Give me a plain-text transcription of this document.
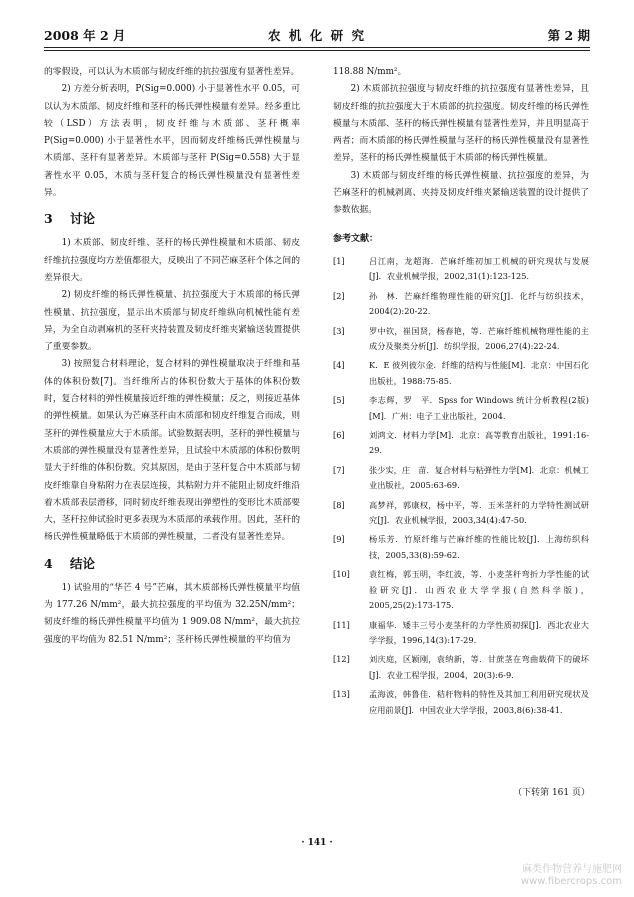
2008 年 2 月	农 机 化 研 究	第 2 期

的零假设，可以认为木质部与韧皮纤维的抗拉强度有显著性差异。

2) 方差分析表明，P(Sig=0.000) 小于显著性水平 0.05，可以认为木质部、韧皮纤维和茎秆的杨氏弹性模量有差异。经多重比较（LSD）方法表明，韧皮纤维与木质部、茎秆概率 P(Sig=0.000) 小于显著性水平，因而韧皮纤维杨氏弹性模量与木质部、茎秆有显著差异。木质部与茎秆 P(Sig=0.558) 大于显著性水平 0.05，木质与茎秆复合的杨氏弹性模量没有显著性差异。

3 讨论

1) 木质部、韧皮纤维、茎秆的杨氏弹性模量和木质部、韧皮纤维抗拉强度均方差值都很大，反映出了不同芒麻茎秆个体之间的差异很大。

2) 韧皮纤维的杨氏弹性模量、抗拉强度大于木质部的杨氏弹性模量、抗拉强度，显示出木质部与韧皮纤维纵向机械性能有差异，为全自动剥麻机的茎秆夹持装置及韧皮纤维夹紧输送装置提供了重要参数。

3) 按照复合材料理论，复合材料的弹性模量取决于纤维和基体的体积份数[7]。当纤维所占的体积份数大于基体的体积份数时，复合材料的弹性模量接近纤维的弹性模量；反之，则接近基体的弹性模量。如果认为芒麻茎秆由木质部和韧皮纤维复合而成，则茎秆的弹性模量应大于木质部。试验数据表明，茎秆的弹性模量与木质部的弹性模量没有显著性差异，且试验中木质部的体积份数明显大于纤维的体积份数。究其原因，是由于茎秆复合中木质部与韧皮纤维靠自身粘附力在表层连接，其粘附力并不能阻止韧皮纤维沿着木质部表层滑移，同时韧皮纤维表现出弹塑性的变形比木质部要大，茎秆拉伸试验时更多表现为木质部的承载作用。因此，茎秆的杨氏弹性模量略低于木质部的弹性模量，二者没有显著性差异。

4 结论

1) 试验用的“华芒 4 号”芒麻，其木质部杨氏弹性模量平均值为 177.26 N/mm²，最大抗拉强度的平均值为 32.25N/mm²；韧皮纤维的杨氏弹性模量平均值为 1 909.08 N/mm²，最大抗拉强度的平均值为 82.51 N/mm²；茎秆杨氏弹性模量的平均值为

118.88 N/mm²。

2) 木质部抗拉强度与韧皮纤维的抗拉强度有显著性差异，且韧皮纤维的抗拉强度大于木质部的抗拉强度。韧皮纤维的杨氏弹性模量与木质部、茎秆的杨氏弹性模量有显著性差异，并且明显高于两者；而木质部的杨氏弹性模量与茎秆的杨氏弹性模量没有显著性差异，茎秆的杨氏弹性模量低于木质部的杨氏弹性模量。

3) 木质部与韧皮纤维的杨氏弹性模量、抗拉强度的差异，为芒麻茎秆的机械剥离、夹持及韧皮纤维夹紧输送装置的设计提供了参数依据。

参考文献：
[1]	吕江南，龙超海．芒麻纤维初加工机械的研究现状与发展[J]．农业机械学报，2002,31(1):123-125.
[2]	孙　林．芒麻纤维物理性能的研究[J]．化纤与纺织技术，2004(2):20-22.
[3]	罗中钦，崔国贤，杨春艳，等．芒麻纤维机械物理性能的主成分及聚类分析[J]．纺织学报，2006,27(4):22-24.
[4]	K．E 彼列彼尔金．纤维的结构与性能[M]．北京：中国石化出版社，1988:75-85.
[5]	李志辉，罗　平．Spss for Windows 统计分析教程(2版)[M]．广州：电子工业出版社，2004.
[6]	刘鸿文．材料力学[M]．北京：高等教育出版社，1991:16-29.
[7]	张少实，庄　苗．复合材料与粘弹性力学[M]．北京：机械工业出版社，2005:63-69.
[8]	高梦祥，郭康权，杨中平，等．玉米茎秆的力学特性测试研究[J]．农业机械学报，2003,34(4):47-50.
[9]	杨乐芳．竹原纤维与芒麻纤维的性能比较[J]．上海纺织科技，2005,33(8):59-62.
[10] 袁红梅，郭玉明，李红波，等．小麦茎秆弯折力学性能的试验研究[J]．山西农业大学学报(自然科学版)，2005,25(2):173-175.
[11] 康福华．矮丰三号小麦茎秆的力学性质初探[J]．西北农业大学学报，1996,14(3):17-29.
[12] 刘庆庭，区颖刚，袁纳新，等．甘蔗茎在弯曲载荷下的破坏[J]．农业工程学报，2004，20(3):6-9.
[13] 孟海波，韩鲁佳．秸秆物料的特性及其加工利用研究现状及应用前景[J]．中国农业大学学报，2003,8(6):38-41.
（下转第 161 页）
· 141 ·
麻类作物营养与施肥网
www.fibercrops.com
